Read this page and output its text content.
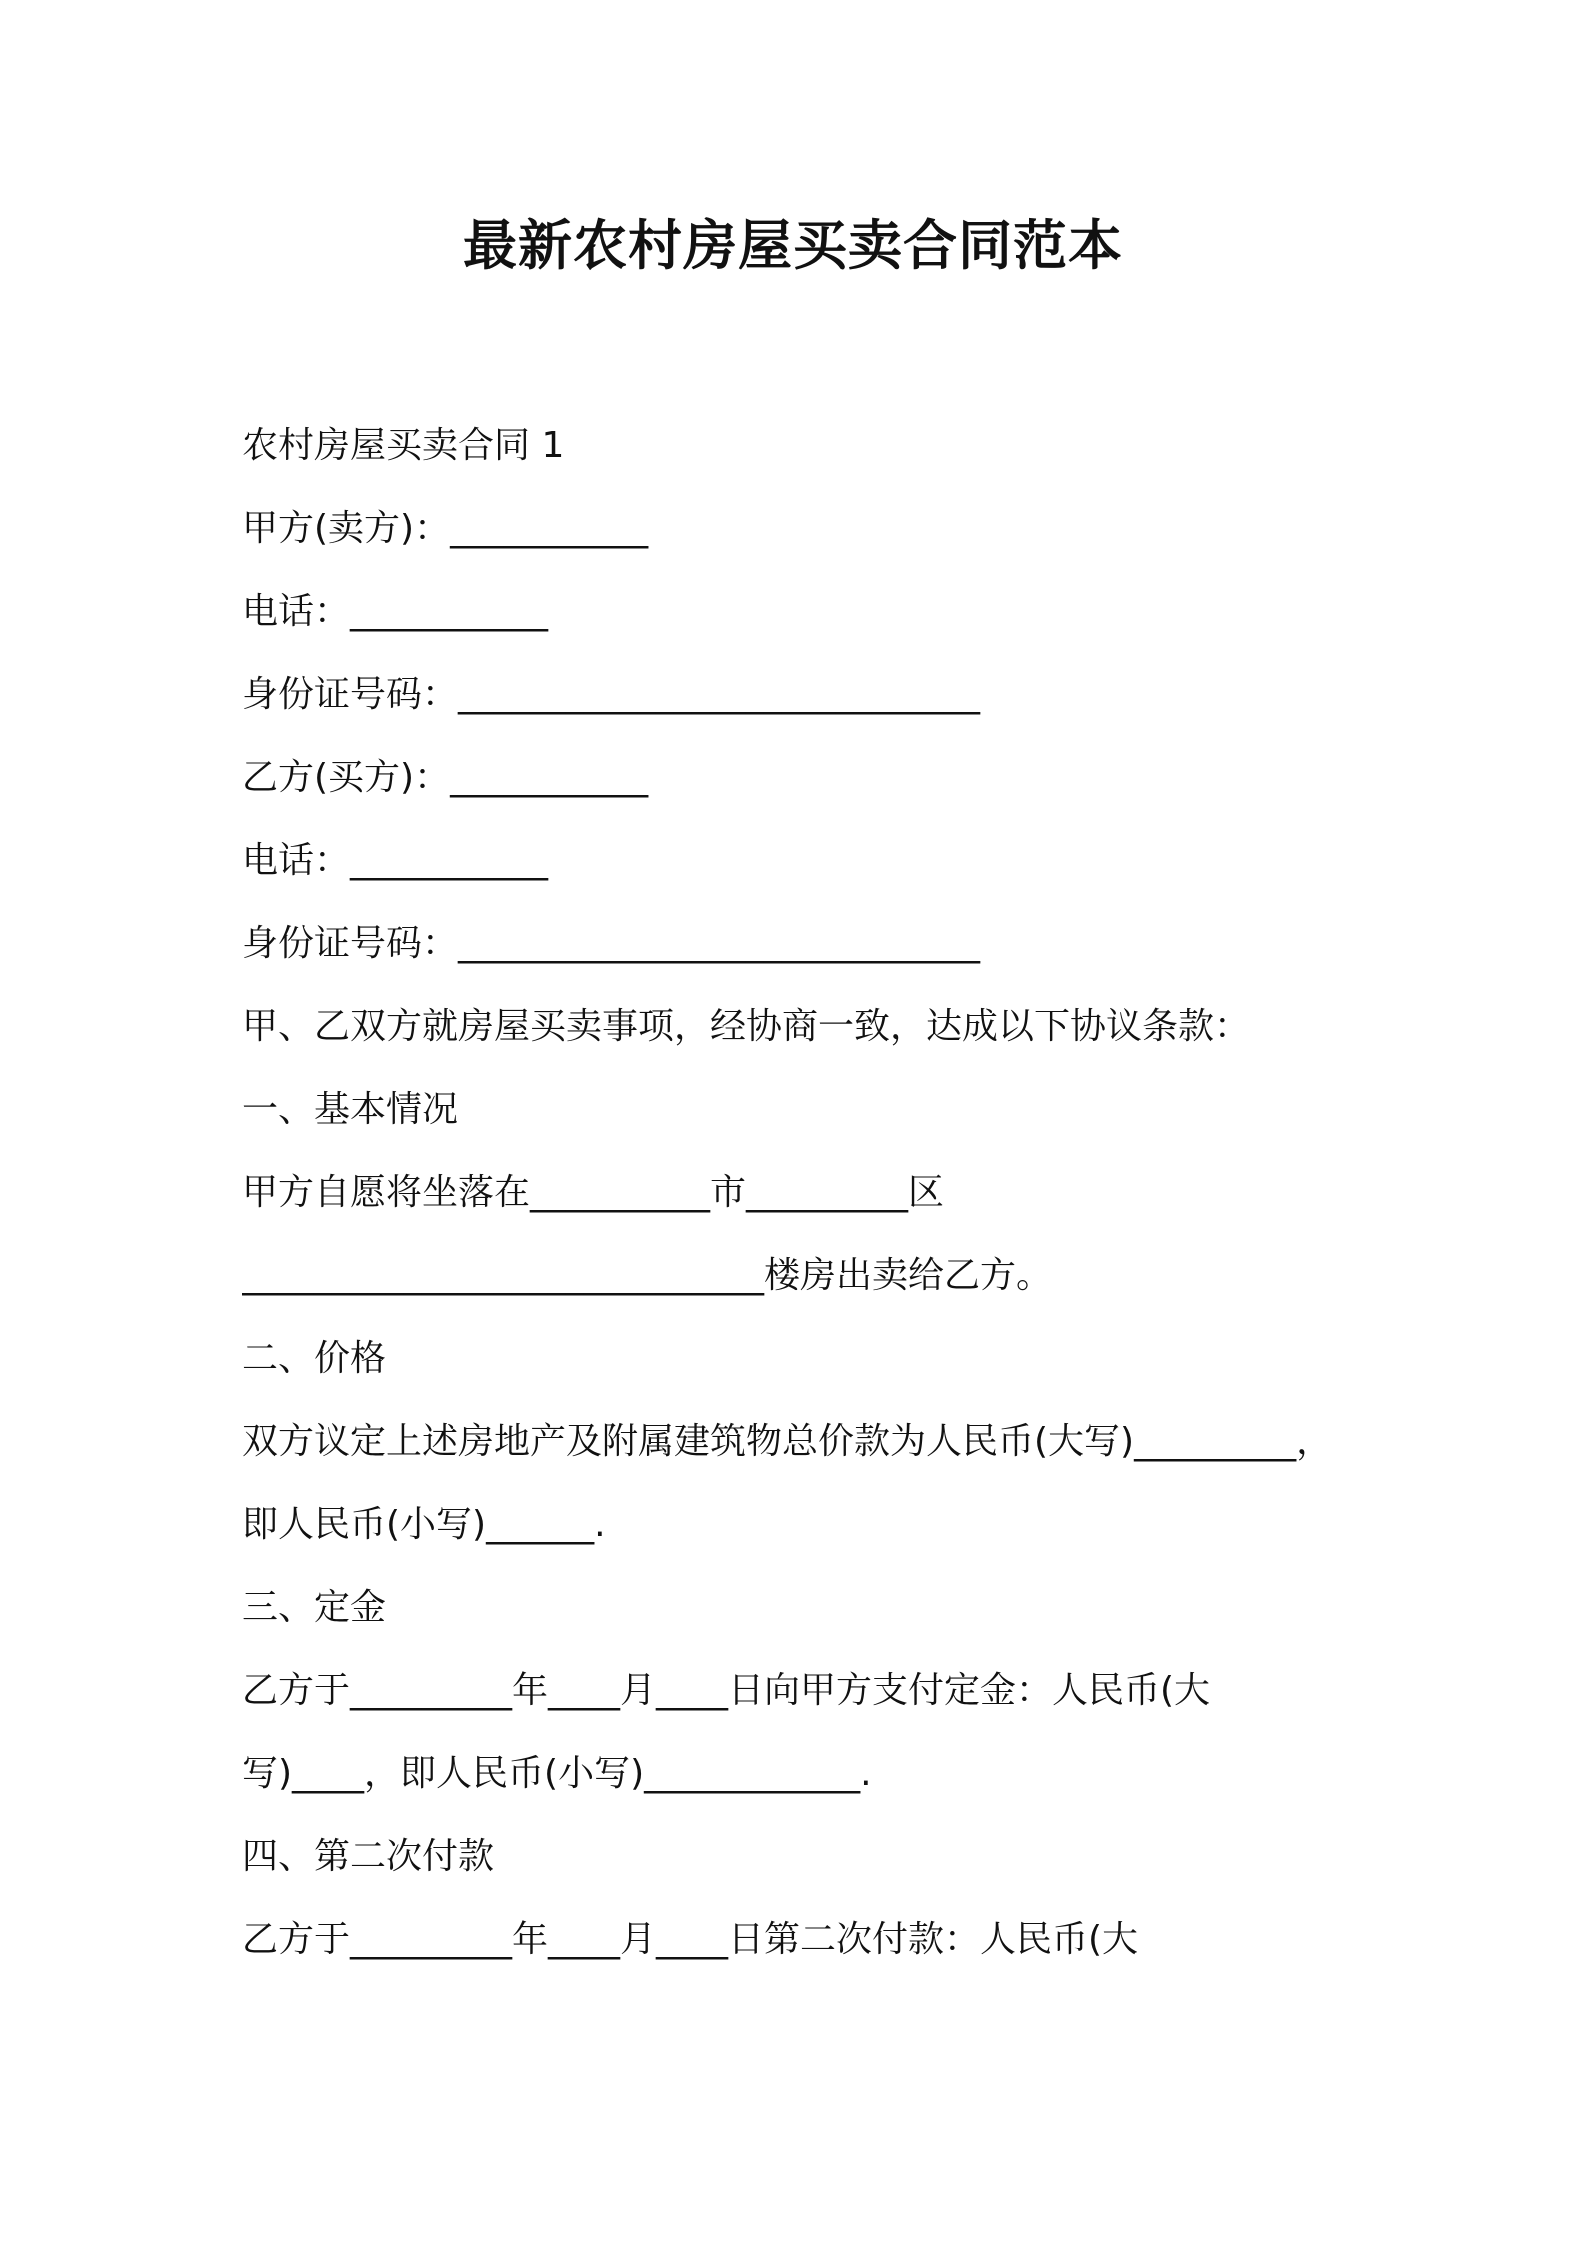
最新农村房屋买卖合同范本
农村房屋买卖合同 1
甲方(卖方)：___________
电话：___________
身份证号码：_____________________________
乙方(买方)：___________
电话：___________
身份证号码：_____________________________
甲、乙双方就房屋买卖事项，经协商一致，达成以下协议条款：
一、基本情况
甲方自愿将坐落在__________市_________区
_____________________________楼房出卖给乙方。
二、价格
双方议定上述房地产及附属建筑物总价款为人民币(大写)_________，
即人民币(小写)______.
三、定金
乙方于_________年____月____日向甲方支付定金：人民币(大
写)____，即人民币(小写)____________.
四、第二次付款
乙方于_________年____月____日第二次付款：人民币(大
